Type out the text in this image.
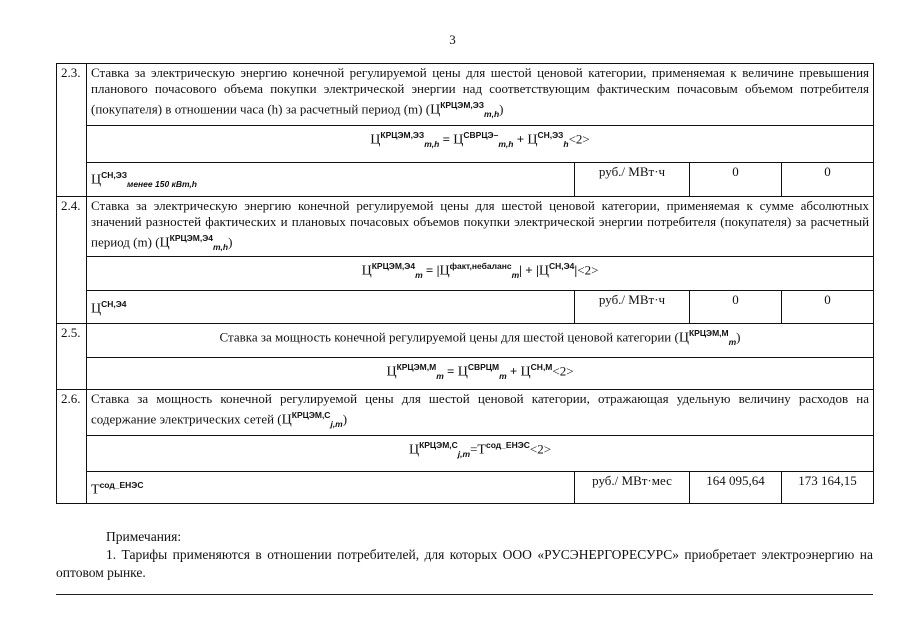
3
2.3.	Ставка за электрическую энергию конечной регулируемой цены для шестой ценовой категории, применяемая к величине превышения планового почасового объема покупки электрической энергии над соответствующим фактическим почасовым объемом потребителя (покупателя) в отношении часа (h) за расчетный период (m) $(Ц^{КРЦЭМ,ЭЗ}_{m,h})$			
	$Ц^{КРЦЭМ,ЭЗ}_{m,h} = Ц^{СВРЦЭ-}_{m,h} + Ц^{СН,ЭЗ}_h<2>$			
	$Ц^{СН,ЭЗ}_{менее 150 кВт,h}$	руб./ МВт·ч	0	0
2.4.	Ставка за электрическую энергию конечной регулируемой цены для шестой ценовой категории, применяемая к сумме абсолютных значений разностей фактических и плановых почасовых объемов покупки электрической энергии потребителя (покупателя) за расчетный период (m) $(Ц^{КРЦЭМ,Э4}_{m,h})$			
	$Ц^{КРЦЭМ,Э4}_m = |Ц^{факт,небаланс}_m| + |Ц^{СН,Э4}|<2>$			
	$Ц^{СН,Э4}$	руб./ МВт·ч	0	0
2.5.	Ставка за мощность конечной регулируемой цены для шестой ценовой категории $(Ц^{КРЦЭМ,М}_m)$			
	$Ц^{КРЦЭМ,М}_m = Ц^{СВРЦМ}_m + Ц^{СН,М}<2>$			
2.6.	Ставка за мощность конечной регулируемой цены для шестой ценовой категории, отражающая удельную величину расходов на содержание электрических сетей $(Ц^{КРЦЭМ,С}_{j,m})$			
	$Ц^{КРЦЭМ,С}_{j,m}=Т^{сод\_ЕНЭС}<2>$			
	$Т^{сод\_ЕНЭС}$	руб./ МВт·мес	164 095,64	173 164,15
Примечания:
1. Тарифы применяются в отношении потребителей, для которых ООО «РУСЭНЕРГОРЕСУРС» приобретает электроэнергию на оптовом рынке.
